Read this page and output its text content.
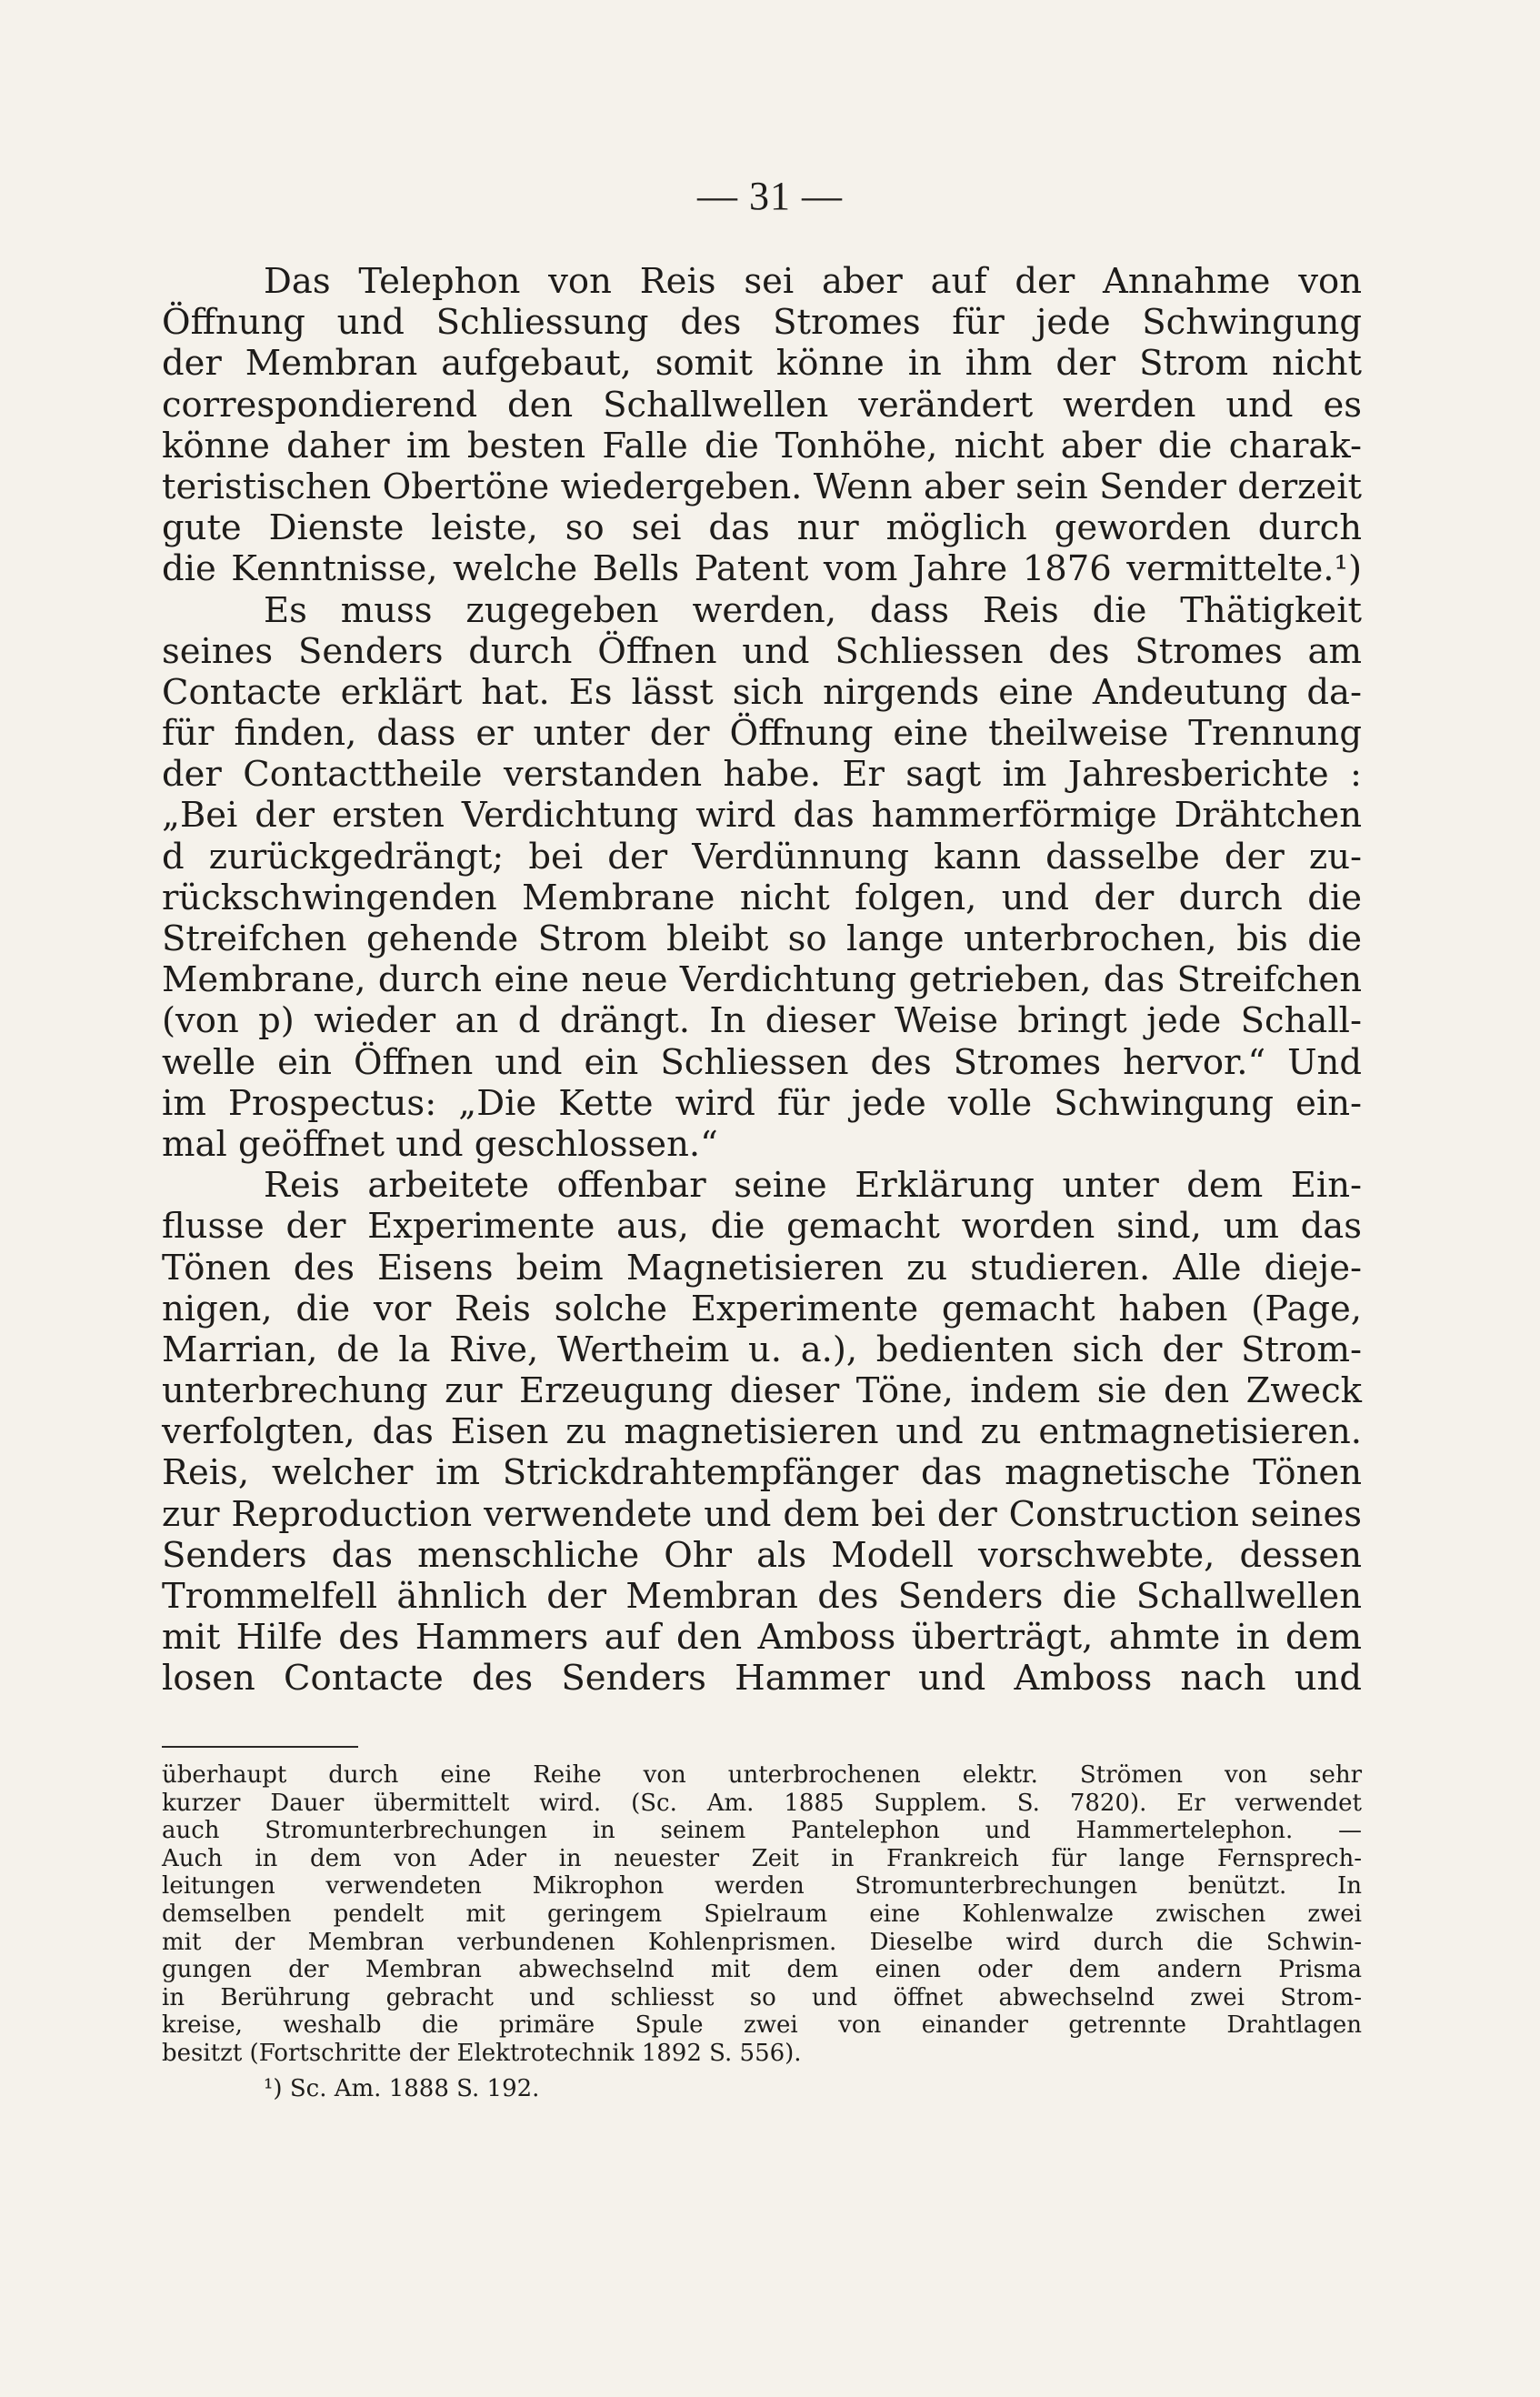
— 31 —
Das Telephon von Reis sei aber auf der Annahme von
Öffnung und Schliessung des Stromes für jede Schwingung
der Membran aufgebaut, somit könne in ihm der Strom nicht
correspondierend den Schallwellen verändert werden und es
könne daher im besten Falle die Tonhöhe, nicht aber die charak-
teristischen Obertöne wiedergeben. Wenn aber sein Sender derzeit
gute Dienste leiste, so sei das nur möglich geworden durch
die Kenntnisse, welche Bells Patent vom Jahre 1876 vermittelte.¹)
Es muss zugegeben werden, dass Reis die Thätigkeit
seines Senders durch Öffnen und Schliessen des Stromes am
Contacte erklärt hat. Es lässt sich nirgends eine Andeutung da-
für finden, dass er unter der Öffnung eine theilweise Trennung
der Contacttheile verstanden habe. Er sagt im Jahresberichte :
„Bei der ersten Verdichtung wird das hammerförmige Drähtchen
d zurückgedrängt; bei der Verdünnung kann dasselbe der zu-
rückschwingenden Membrane nicht folgen, und der durch die
Streifchen gehende Strom bleibt so lange unterbrochen, bis die
Membrane, durch eine neue Verdichtung getrieben, das Streifchen
(von p) wieder an d drängt. In dieser Weise bringt jede Schall-
welle ein Öffnen und ein Schliessen des Stromes hervor.“ Und
im Prospectus: „Die Kette wird für jede volle Schwingung ein-
mal geöffnet und geschlossen.“
Reis arbeitete offenbar seine Erklärung unter dem Ein-
flusse der Experimente aus, die gemacht worden sind, um das
Tönen des Eisens beim Magnetisieren zu studieren. Alle dieje-
nigen, die vor Reis solche Experimente gemacht haben (Page,
Marrian, de la Rive, Wertheim u. a.), bedienten sich der Strom-
unterbrechung zur Erzeugung dieser Töne, indem sie den Zweck
verfolgten, das Eisen zu magnetisieren und zu entmagnetisieren.
Reis, welcher im Strickdrahtempfänger das magnetische Tönen
zur Reproduction verwendete und dem bei der Construction seines
Senders das menschliche Ohr als Modell vorschwebte, dessen
Trommelfell ähnlich der Membran des Senders die Schallwellen
mit Hilfe des Hammers auf den Amboss überträgt, ahmte in dem
losen Contacte des Senders Hammer und Amboss nach und
überhaupt durch eine Reihe von unterbrochenen elektr. Strömen von sehr
kurzer Dauer übermittelt wird. (Sc. Am. 1885 Supplem. S. 7820). Er verwendet
auch Stromunterbrechungen in seinem Pantelephon und Hammertelephon. —
Auch in dem von Ader in neuester Zeit in Frankreich für lange Fernsprech-
leitungen verwendeten Mikrophon werden Stromunterbrechungen benützt. In
demselben pendelt mit geringem Spielraum eine Kohlenwalze zwischen zwei
mit der Membran verbundenen Kohlenprismen. Dieselbe wird durch die Schwin-
gungen der Membran abwechselnd mit dem einen oder dem andern Prisma
in Berührung gebracht und schliesst so und öffnet abwechselnd zwei Strom-
kreise, weshalb die primäre Spule zwei von einander getrennte Drahtlagen
besitzt (Fortschritte der Elektrotechnik 1892 S. 556).
¹) Sc. Am. 1888 S. 192.
